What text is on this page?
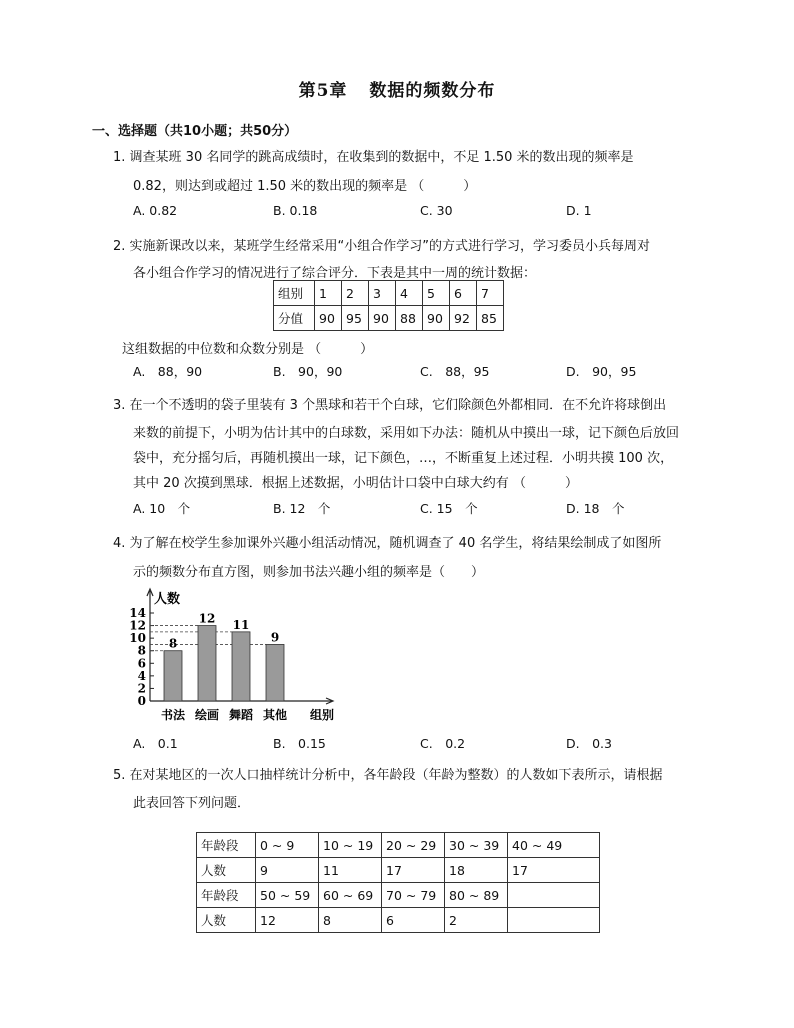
第5章 数据的频数分布
一、选择题（共10小题；共50分）
1. 调查某班 30 名同学的跳高成绩时，在收集到的数据中，不足 1.50 米的数出现的频率是
0.82，则达到或超过 1.50 米的数出现的频率是 （　　　）
A. 0.82	B. 0.18	C. 30	D. 1
2. 实施新课改以来，某班学生经常采用“小组合作学习”的方式进行学习，学习委员小兵每周对
各小组合作学习的情况进行了综合评分．下表是其中一周的统计数据：
组别	1	2	3	4	5	6	7
分值	90	95	90	88	90	92	85
这组数据的中位数和众数分别是 （　　　）
A.　88，90	B.　90，90	C.　88，95	D.　90，95
3. 在一个不透明的袋子里装有 3 个黑球和若干个白球，它们除颜色外都相同．在不允许将球倒出
来数的前提下，小明为估计其中的白球数，采用如下办法：随机从中摸出一球，记下颜色后放回
袋中，充分摇匀后，再随机摸出一球，记下颜色，…，不断重复上述过程．小明共摸 100 次，
其中 20 次摸到黑球．根据上述数据，小明估计口袋中白球大约有 （　　　）
A. 10　个	B. 12　个	C. 15　个	D. 18　个
4. 为了解在校学生参加课外兴趣小组活动情况，随机调查了 40 名学生，将结果绘制成了如图所
示的频数分布直方图，则参加书法兴趣小组的频率是（　　）
0
2
4
6
8
10
12
14
人数
组别
8
书法
12
绘画
11
舞蹈
9
其他
A.　0.1	B.　0.15	C.　0.2	D.　0.3
5. 在对某地区的一次人口抽样统计分析中，各年龄段（年龄为整数）的人数如下表所示，请根据
此表回答下列问题．
年龄段	0 ~ 9	10 ~ 19	20 ~ 29	30 ~ 39	40 ~ 49
人数	9	11	17	18	17
年龄段	50 ~ 59	60 ~ 69	70 ~ 79	80 ~ 89	
人数	12	8	6	2	
